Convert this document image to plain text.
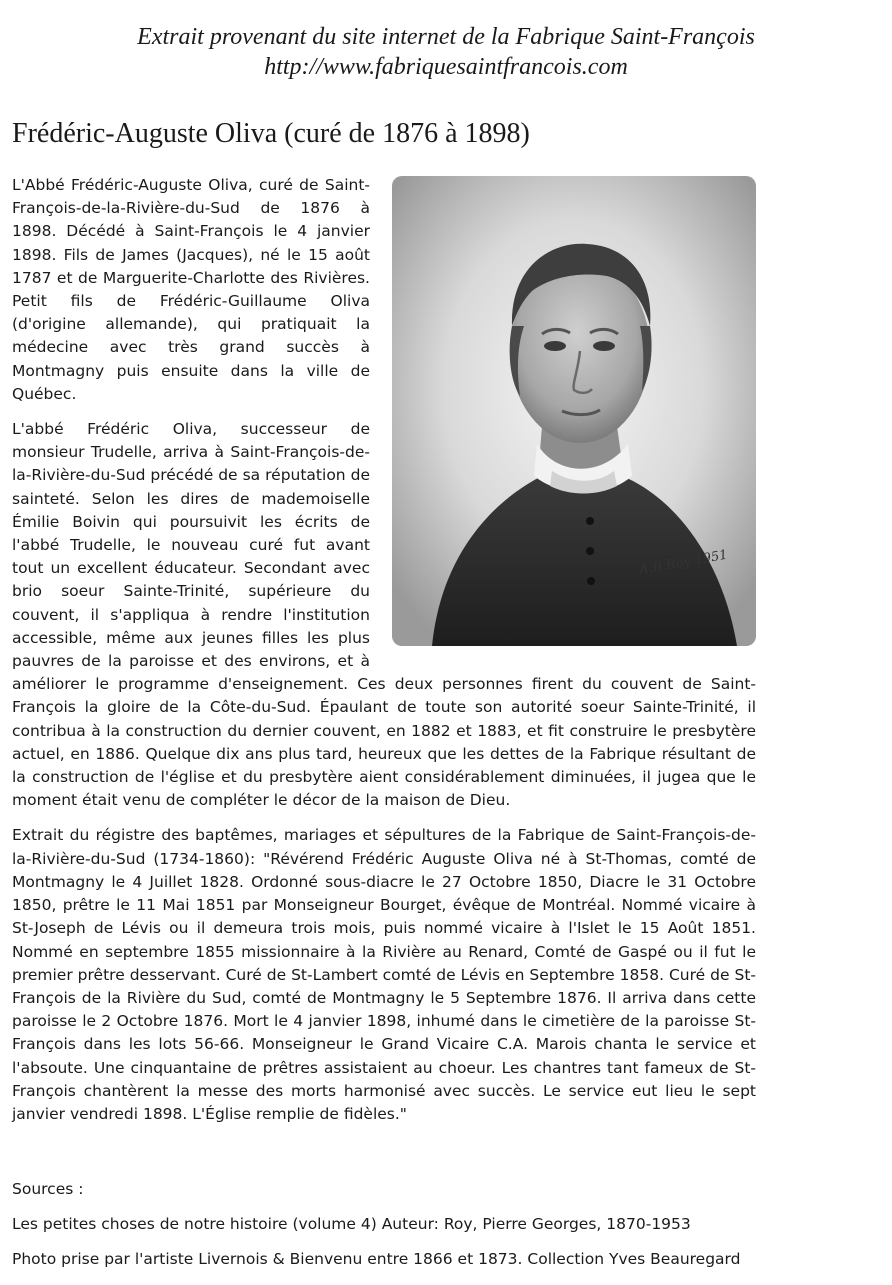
Extrait provenant du site internet de la Fabrique Saint-François
http://www.fabriquesaintfrancois.com
Frédéric-Auguste Oliva (curé de 1876 à 1898)
A.B.Roy 1951

L'Abbé Frédéric-Auguste Oliva, curé de Saint-François-de-la-Rivière-du-Sud de 1876 à 1898. Décédé à Saint-François le 4 janvier 1898. Fils de James (Jacques), né le 15 août 1787 et de Marguerite-Charlotte des Rivières. Petit fils de Frédéric-Guillaume Oliva (d'origine allemande), qui pratiquait la médecine avec très grand succès à Montmagny puis ensuite dans la ville de Québec.

L'abbé Frédéric Oliva, successeur de monsieur Trudelle, arriva à Saint-François-de-la-Rivière-du-Sud précédé de sa réputation de sainteté. Selon les dires de mademoiselle Émilie Boivin qui poursuivit les écrits de l'abbé Trudelle, le nouveau curé fut avant tout un excellent éducateur. Secondant avec brio soeur Sainte-Trinité, supérieure du couvent, il s'appliqua à rendre l'institution accessible, même aux jeunes filles les plus pauvres de la paroisse et des environs, et à améliorer le programme d'enseignement. Ces deux personnes firent du couvent de Saint-François la gloire de la Côte-du-Sud. Épaulant de toute son autorité soeur Sainte-Trinité, il contribua à la construction du dernier couvent, en 1882 et 1883, et fit construire le presbytère actuel, en 1886. Quelque dix ans plus tard, heureux que les dettes de la Fabrique résultant de la construction de l'église et du presbytère aient considérablement diminuées, il jugea que le moment était venu de compléter le décor de la maison de Dieu.

Extrait du régistre des baptêmes, mariages et sépultures de la Fabrique de Saint-François-de-la-Rivière-du-Sud (1734-1860): "Révérend Frédéric Auguste Oliva né à St-Thomas, comté de Montmagny le 4 Juillet 1828. Ordonné sous-diacre le 27 Octobre 1850, Diacre le 31 Octobre 1850, prêtre le 11 Mai 1851 par Monseigneur Bourget, évêque de Montréal. Nommé vicaire à St-Joseph de Lévis ou il demeura trois mois, puis nommé vicaire à l'Islet le 15 Août 1851. Nommé en septembre 1855 missionnaire à la Rivière au Renard, Comté de Gaspé ou il fut le premier prêtre desservant. Curé de St-Lambert comté de Lévis en Septembre 1858. Curé de St-François de la Rivière du Sud, comté de Montmagny le 5 Septembre 1876. Il arriva dans cette paroisse le 2 Octobre 1876. Mort le 4 janvier 1898, inhumé dans le cimetière de la paroisse St-François dans les lots 56-66. Monseigneur le Grand Vicaire C.A. Marois chanta le service et l'absoute. Une cinquantaine de prêtres assistaient au choeur. Les chantres tant fameux de St-François chantèrent la messe des morts harmonisé avec succès. Le service eut lieu le sept janvier vendredi 1898. L'Église remplie de fidèles."

Sources :

Les petites choses de notre histoire (volume 4) Auteur: Roy, Pierre Georges, 1870-1953

Photo prise par l'artiste Livernois & Bienvenu entre 1866 et 1873. Collection Yves Beauregard
